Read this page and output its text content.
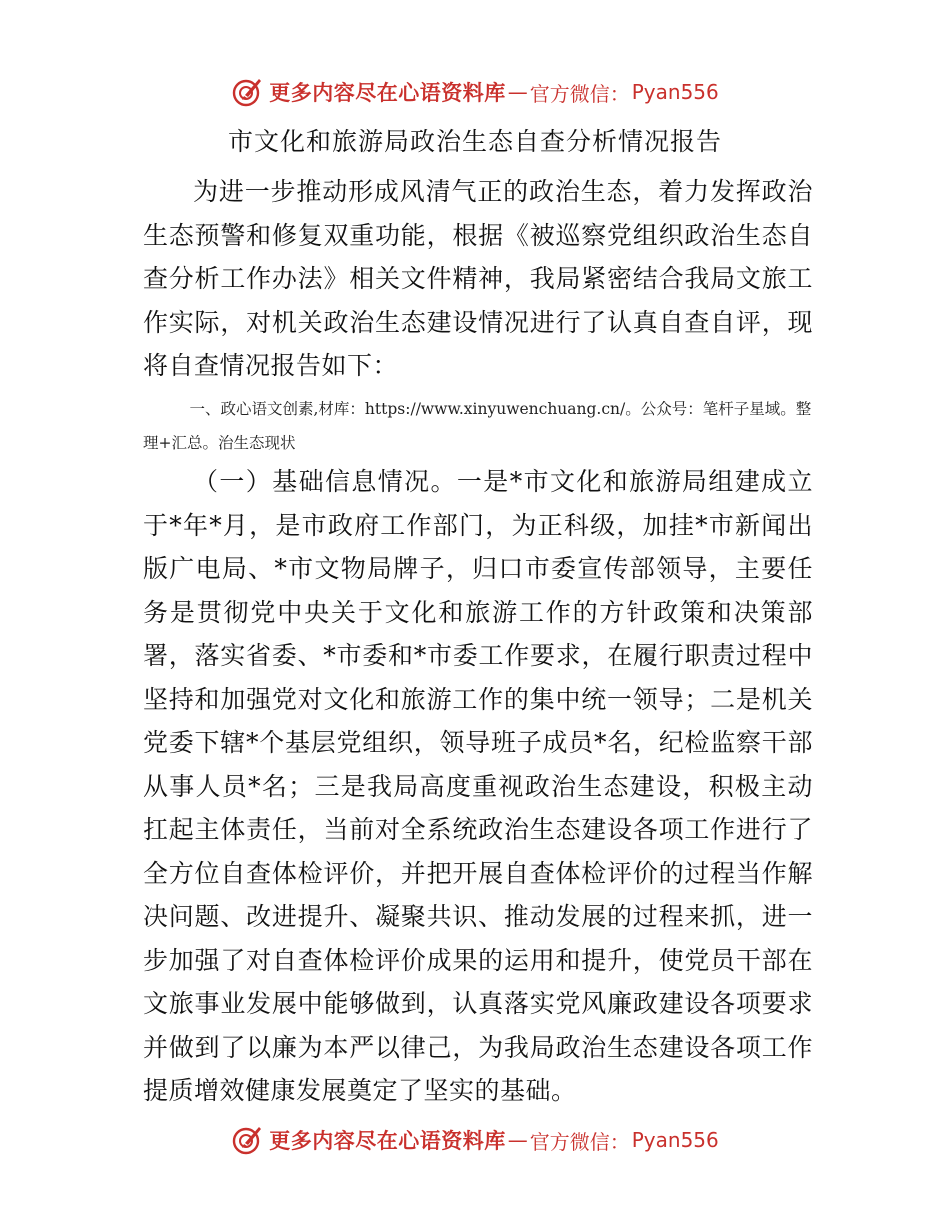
更多内容尽在心语资料库 — 官方微信： Pyan556
市文化和旅游局政治生态自查分析情况报告

为进一步推动形成风清气正的政治生态，着力发挥政治生态预警和修复双重功能，根据《被巡察党组织政治生态自查分析工作办法》相关文件精神，我局紧密结合我局文旅工作实际，对机关政治生态建设情况进行了认真自查自评，现将自查情况报告如下：

一、政心语文创素,材库：https://www.xinyuwenchuang.cn/。公众号：笔杆子星域。整理+汇总。治生态现状

（一）基础信息情况。一是*市文化和旅游局组建成立于*年*月，是市政府工作部门，为正科级，加挂*市新闻出版广电局、*市文物局牌子，归口市委宣传部领导，主要任务是贯彻党中央关于文化和旅游工作的方针政策和决策部署，落实省委、*市委和*市委工作要求，在履行职责过程中坚持和加强党对文化和旅游工作的集中统一领导；二是机关党委下辖*个基层党组织，领导班子成员*名，纪检监察干部从事人员*名；三是我局高度重视政治生态建设，积极主动扛起主体责任，当前对全系统政治生态建设各项工作进行了全方位自查体检评价，并把开展自查体检评价的过程当作解决问题、改进提升、凝聚共识、推动发展的过程来抓，进一步加强了对自查体检评价成果的运用和提升，使党员干部在文旅事业发展中能够做到，认真落实党风廉政建设各项要求并做到了以廉为本严以律己，为我局政治生态建设各项工作提质增效健康发展奠定了坚实的基础。

更多内容尽在心语资料库 — 官方微信： Pyan556
